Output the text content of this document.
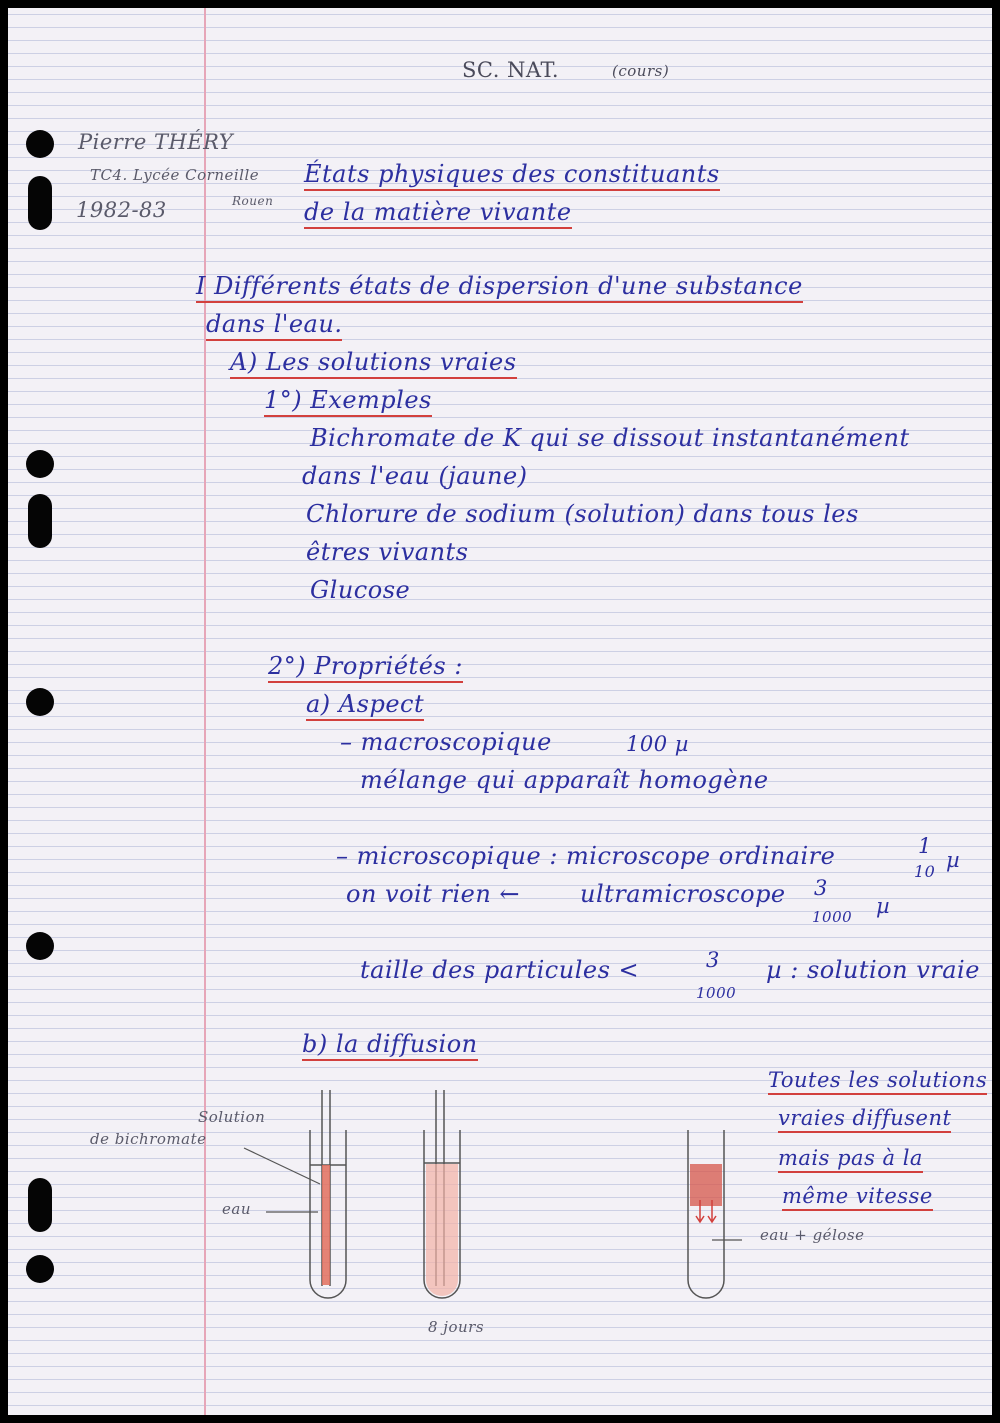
SC. NAT.	(cours)
Pierre THÉRY
TC4. Lycée Corneille
Rouen
1982-83
États physiques des constituants
de la matière vivante
I Différents états de dispersion d'une substance
dans l'eau.
A) Les solutions vraies
1°) Exemples
Bichromate de K qui se dissout instantanément
dans l'eau (jaune)
Chlorure de sodium (solution) dans tous les
êtres vivants
Glucose
2°) Propriétés :
a) Aspect
– macroscopique	100 µ
mélange qui apparaît homogène
– microscopique : microscope ordinaire	1
10 µ
on voit rien ← ultramicroscope 3
1000 µ
taille des particules <	3
1000
µ : solution vraie
b) la diffusion
Toutes les solutions
vraies diffusent
mais pas à la
même vitesse
Solution
de bichromate
eau
8 jours
eau + gélose
